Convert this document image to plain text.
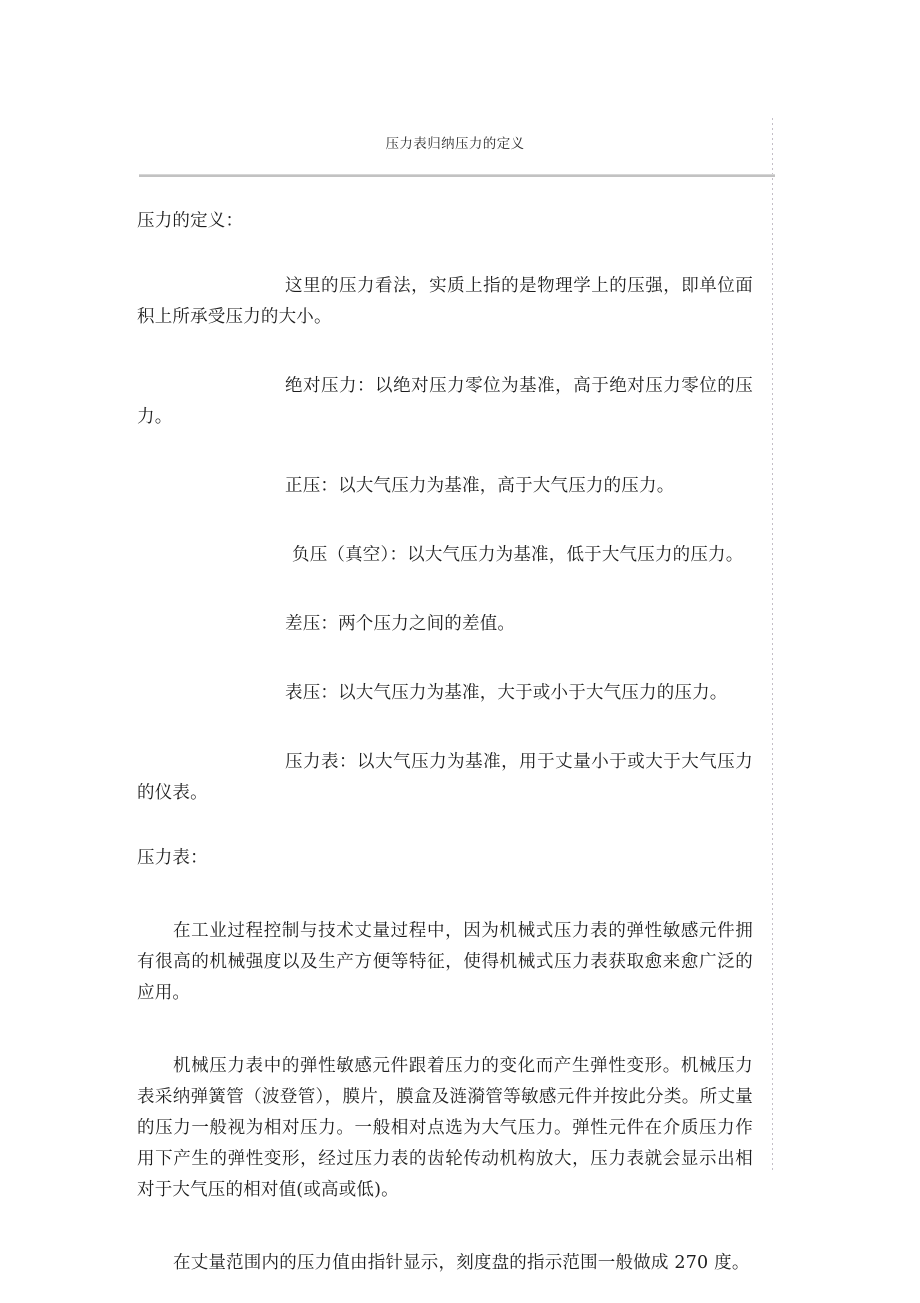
压力表归纳压力的定义
压力的定义：
这里的压力看法，实质上指的是物理学上的压强，即单位面积上所承受压力的大小。
绝对压力：以绝对压力零位为基准，高于绝对压力零位的压力。
正压：以大气压力为基准，高于大气压力的压力。
负压（真空）：以大气压力为基准，低于大气压力的压力。
差压：两个压力之间的差值。
表压：以大气压力为基准，大于或小于大气压力的压力。
压力表：以大气压力为基准，用于丈量小于或大于大气压力的仪表。
压力表：
在工业过程控制与技术丈量过程中，因为机械式压力表的弹性敏感元件拥有很高的机械强度以及生产方便等特征，使得机械式压力表获取愈来愈广泛的应用。
机械压力表中的弹性敏感元件跟着压力的变化而产生弹性变形。机械压力表采纳弹簧管（波登管），膜片，膜盒及涟漪管等敏感元件并按此分类。所丈量的压力一般视为相对压力。一般相对点选为大气压力。弹性元件在介质压力作用下产生的弹性变形，经过压力表的齿轮传动机构放大，压力表就会显示出相对于大气压的相对值(或高或低)。
在丈量范围内的压力值由指针显示，刻度盘的指示范围一般做成 270 度。
